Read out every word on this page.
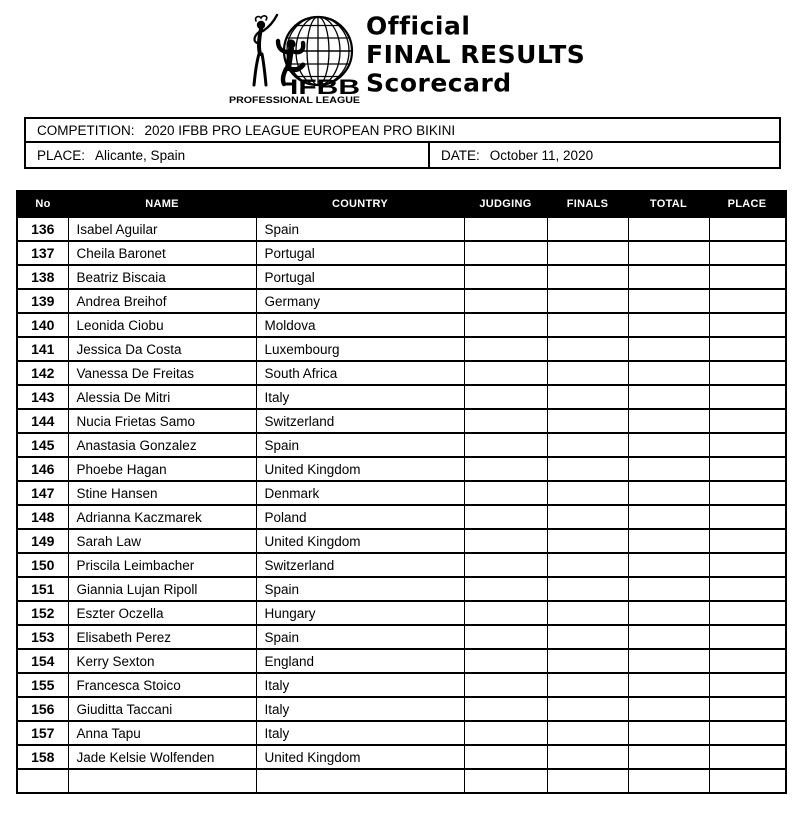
IFBB
PROFESSIONAL LEAGUE
Official
FINAL RESULTS
Scorecard
COMPETITION: 2020 IFBB PRO LEAGUE EUROPEAN PRO BIKINI
PLACE: Alicante, Spain	DATE: October 11, 2020
No	NAME	COUNTRY	JUDGING	FINALS	TOTAL	PLACE
136	Isabel Aguilar	Spain				
137	Cheila Baronet	Portugal				
138	Beatriz Biscaia	Portugal				
139	Andrea Breihof	Germany				
140	Leonida Ciobu	Moldova				
141	Jessica Da Costa	Luxembourg				
142	Vanessa De Freitas	South Africa				
143	Alessia De Mitri	Italy				
144	Nucia Frietas Samo	Switzerland				
145	Anastasia Gonzalez	Spain				
146	Phoebe Hagan	United Kingdom				
147	Stine Hansen	Denmark				
148	Adrianna Kaczmarek	Poland				
149	Sarah Law	United Kingdom				
150	Priscila Leimbacher	Switzerland				
151	Giannia Lujan Ripoll	Spain				
152	Eszter Oczella	Hungary				
153	Elisabeth Perez	Spain				
154	Kerry Sexton	England				
155	Francesca Stoico	Italy				
156	Giuditta Taccani	Italy				
157	Anna Tapu	Italy				
158	Jade Kelsie Wolfenden	United Kingdom				
